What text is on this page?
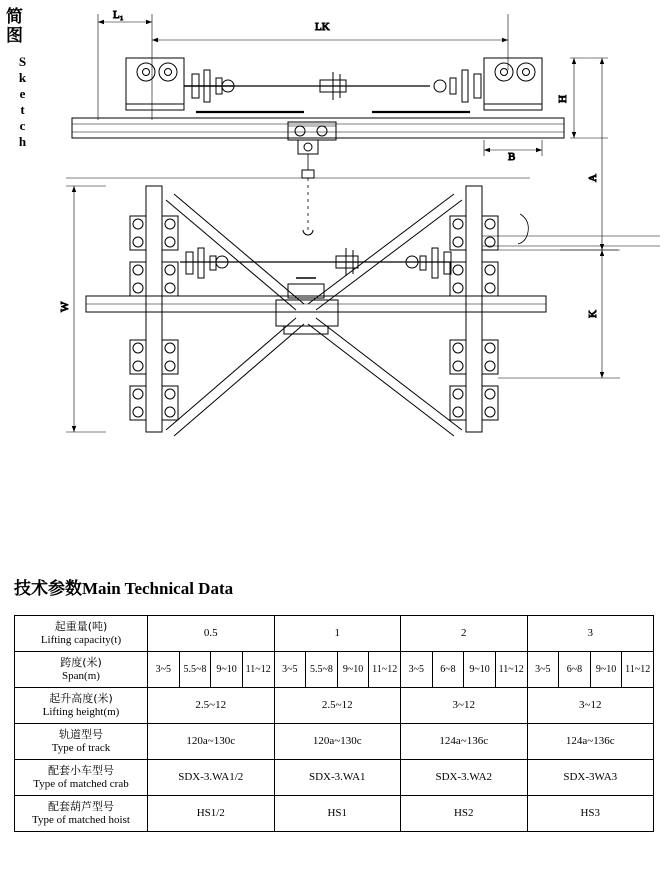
简图
Sketch
L₁
LK
H
B
A
W
K
技术参数Main Technical Data
起重量(吨)
Lifting capacity(t)	0.5				1				2				3			

跨度(米)
Span(m)	3~5	5.5~8	9~10	11~12	3~5	5.5~8	9~10	11~12	3~5	6~8	9~10	11~12	3~5	6~8	9~10	11~12

起升高度(米)
Lifting height(m)	2.5~12				2.5~12				3~12				3~12			

轨道型号
Type of track	120a~130c				120a~130c				124a~136c				124a~136c			

配套小车型号
Type of matched crab	SDX-3.WA1/2				SDX-3.WA1				SDX-3.WA2				SDX-3WA3			

配套葫芦型号
Type of matched hoist	HS1/2				HS1				HS2				HS3			
